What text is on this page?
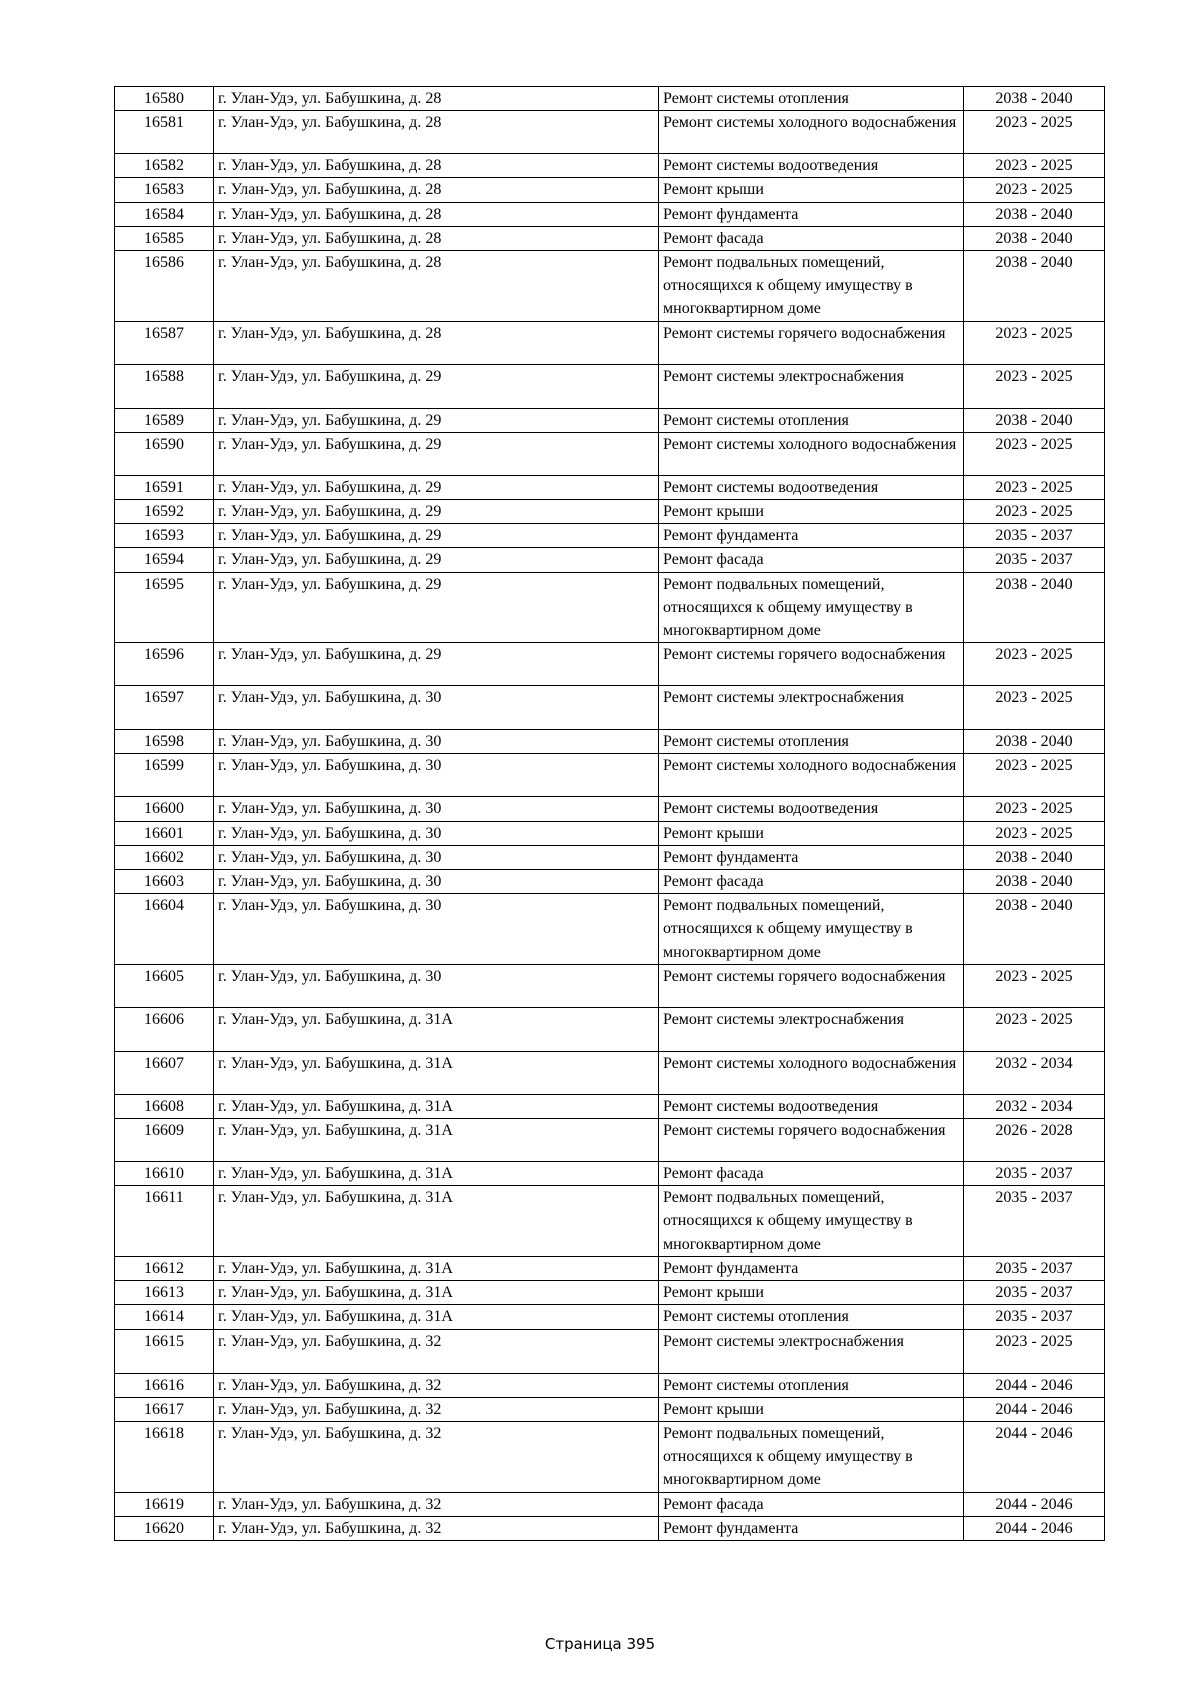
16580	г. Улан-Удэ, ул. Бабушкина, д. 28	Ремонт системы отопления	2038 - 2040
16581	г. Улан-Удэ, ул. Бабушкина, д. 28	Ремонт системы холодного водоснабжения	2023 - 2025
16582	г. Улан-Удэ, ул. Бабушкина, д. 28	Ремонт системы водоотведения	2023 - 2025
16583	г. Улан-Удэ, ул. Бабушкина, д. 28	Ремонт крыши	2023 - 2025
16584	г. Улан-Удэ, ул. Бабушкина, д. 28	Ремонт фундамента	2038 - 2040
16585	г. Улан-Удэ, ул. Бабушкина, д. 28	Ремонт фасада	2038 - 2040
16586	г. Улан-Удэ, ул. Бабушкина, д. 28	Ремонт подвальных помещений, относящихся к общему имуществу в многоквартирном доме	2038 - 2040
16587	г. Улан-Удэ, ул. Бабушкина, д. 28	Ремонт системы горячего водоснабжения	2023 - 2025
16588	г. Улан-Удэ, ул. Бабушкина, д. 29	Ремонт системы электроснабжения	2023 - 2025
16589	г. Улан-Удэ, ул. Бабушкина, д. 29	Ремонт системы отопления	2038 - 2040
16590	г. Улан-Удэ, ул. Бабушкина, д. 29	Ремонт системы холодного водоснабжения	2023 - 2025
16591	г. Улан-Удэ, ул. Бабушкина, д. 29	Ремонт системы водоотведения	2023 - 2025
16592	г. Улан-Удэ, ул. Бабушкина, д. 29	Ремонт крыши	2023 - 2025
16593	г. Улан-Удэ, ул. Бабушкина, д. 29	Ремонт фундамента	2035 - 2037
16594	г. Улан-Удэ, ул. Бабушкина, д. 29	Ремонт фасада	2035 - 2037
16595	г. Улан-Удэ, ул. Бабушкина, д. 29	Ремонт подвальных помещений, относящихся к общему имуществу в многоквартирном доме	2038 - 2040
16596	г. Улан-Удэ, ул. Бабушкина, д. 29	Ремонт системы горячего водоснабжения	2023 - 2025
16597	г. Улан-Удэ, ул. Бабушкина, д. 30	Ремонт системы электроснабжения	2023 - 2025
16598	г. Улан-Удэ, ул. Бабушкина, д. 30	Ремонт системы отопления	2038 - 2040
16599	г. Улан-Удэ, ул. Бабушкина, д. 30	Ремонт системы холодного водоснабжения	2023 - 2025
16600	г. Улан-Удэ, ул. Бабушкина, д. 30	Ремонт системы водоотведения	2023 - 2025
16601	г. Улан-Удэ, ул. Бабушкина, д. 30	Ремонт крыши	2023 - 2025
16602	г. Улан-Удэ, ул. Бабушкина, д. 30	Ремонт фундамента	2038 - 2040
16603	г. Улан-Удэ, ул. Бабушкина, д. 30	Ремонт фасада	2038 - 2040
16604	г. Улан-Удэ, ул. Бабушкина, д. 30	Ремонт подвальных помещений, относящихся к общему имуществу в многоквартирном доме	2038 - 2040
16605	г. Улан-Удэ, ул. Бабушкина, д. 30	Ремонт системы горячего водоснабжения	2023 - 2025
16606	г. Улан-Удэ, ул. Бабушкина, д. 31А	Ремонт системы электроснабжения	2023 - 2025
16607	г. Улан-Удэ, ул. Бабушкина, д. 31А	Ремонт системы холодного водоснабжения	2032 - 2034
16608	г. Улан-Удэ, ул. Бабушкина, д. 31А	Ремонт системы водоотведения	2032 - 2034
16609	г. Улан-Удэ, ул. Бабушкина, д. 31А	Ремонт системы горячего водоснабжения	2026 - 2028
16610	г. Улан-Удэ, ул. Бабушкина, д. 31А	Ремонт фасада	2035 - 2037
16611	г. Улан-Удэ, ул. Бабушкина, д. 31А	Ремонт подвальных помещений, относящихся к общему имуществу в многоквартирном доме	2035 - 2037
16612	г. Улан-Удэ, ул. Бабушкина, д. 31А	Ремонт фундамента	2035 - 2037
16613	г. Улан-Удэ, ул. Бабушкина, д. 31А	Ремонт крыши	2035 - 2037
16614	г. Улан-Удэ, ул. Бабушкина, д. 31А	Ремонт системы отопления	2035 - 2037
16615	г. Улан-Удэ, ул. Бабушкина, д. 32	Ремонт системы электроснабжения	2023 - 2025
16616	г. Улан-Удэ, ул. Бабушкина, д. 32	Ремонт системы отопления	2044 - 2046
16617	г. Улан-Удэ, ул. Бабушкина, д. 32	Ремонт крыши	2044 - 2046
16618	г. Улан-Удэ, ул. Бабушкина, д. 32	Ремонт подвальных помещений, относящихся к общему имуществу в многоквартирном доме	2044 - 2046
16619	г. Улан-Удэ, ул. Бабушкина, д. 32	Ремонт фасада	2044 - 2046
16620	г. Улан-Удэ, ул. Бабушкина, д. 32	Ремонт фундамента	2044 - 2046
Страница 395
